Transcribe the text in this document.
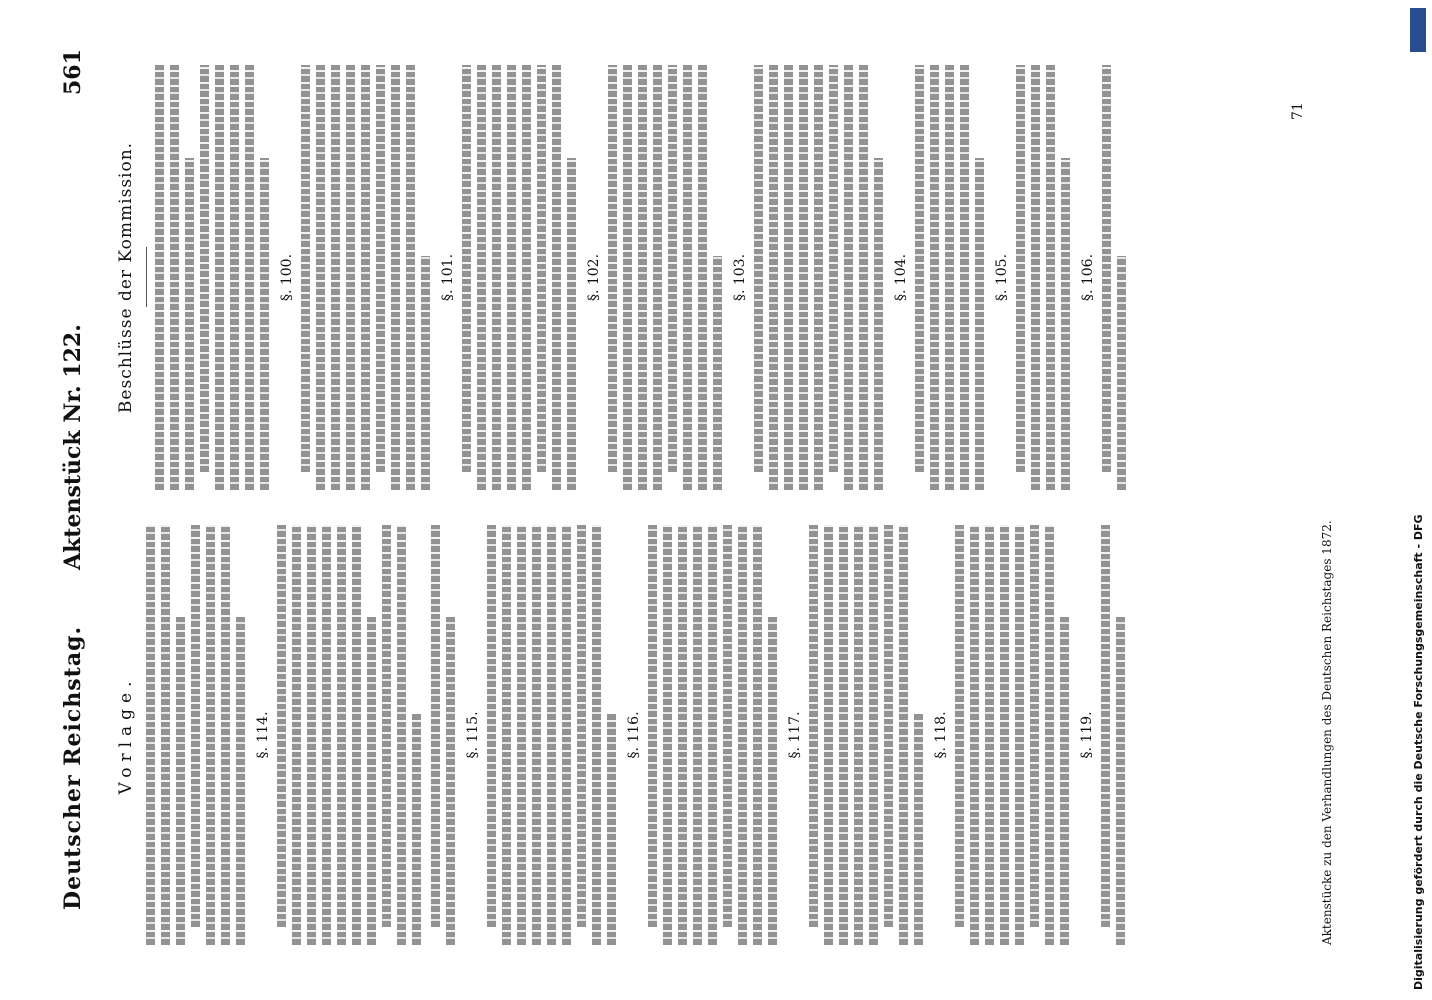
Deutscher Reichstag.
Aktenstück Nr. 122.
561
Vorlage.	§. 114.	§. 115.	§. 116.	§. 117.	§. 118.	§. 119.
Beschlüsse der Kommission.	§. 100.	§. 101.	§. 102.	§. 103.	§. 104.	§. 105.	§. 106.
Aktenstücke zu den Verhandlungen des Deutschen Reichstages 1872.
71
Digitalisierung gefördert durch die Deutsche Forschungsgemeinschaft - DFG
